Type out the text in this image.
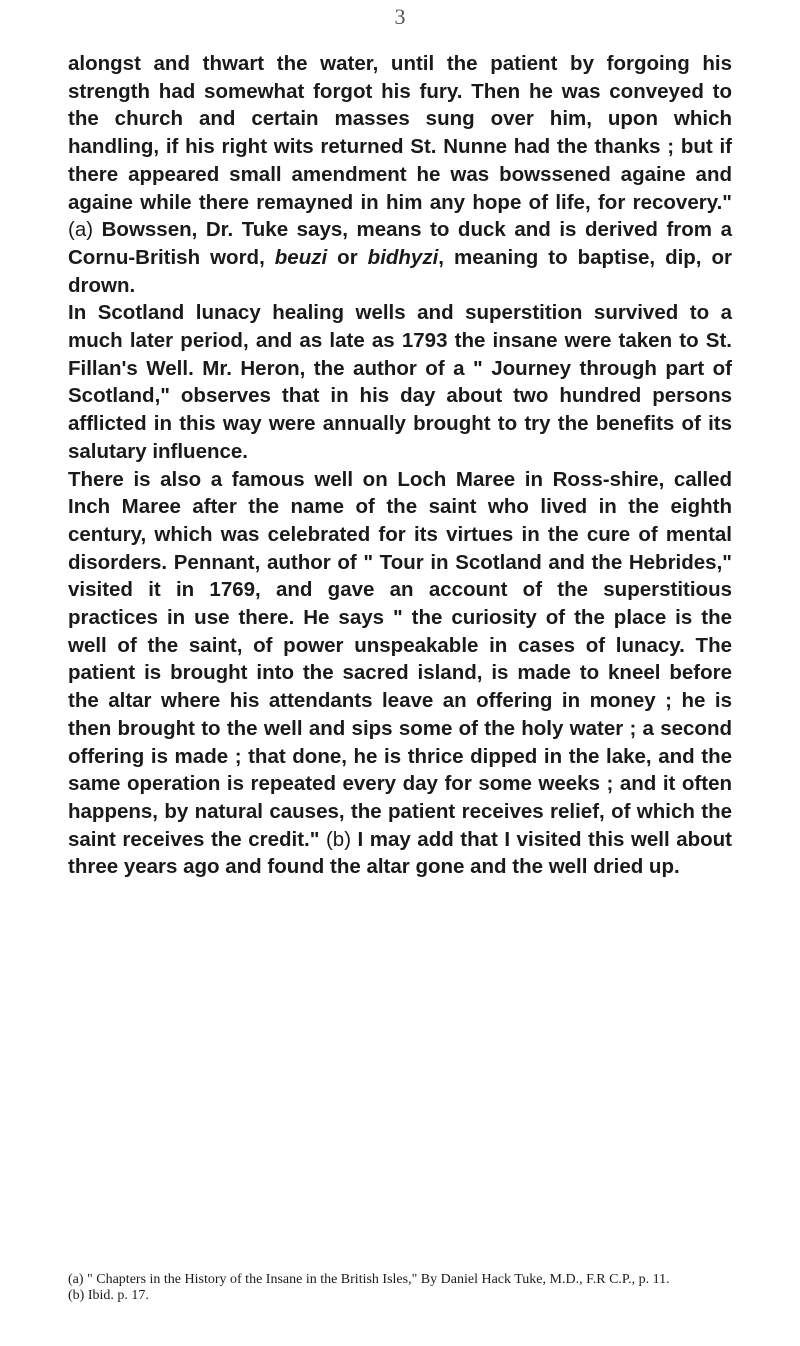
3

alongst and thwart the water, until the patient by forgoing his strength had somewhat forgot his fury. Then he was conveyed to the church and certain masses sung over him, upon which handling, if his right wits returned St. Nunne had the thanks ; but if there appeared small amendment he was bowssened againe and againe while there remayned in him any hope of life, for recovery." (a) Bowssen, Dr. Tuke says, means to duck and is derived from a Cornu-British word, beuzi or bidhyzi, meaning to baptise, dip, or drown.

In Scotland lunacy healing wells and superstition survived to a much later period, and as late as 1793 the insane were taken to St. Fillan's Well. Mr. Heron, the author of a " Journey through part of Scotland," observes that in his day about two hundred persons afflicted in this way were annually brought to try the benefits of its salutary influence.

There is also a famous well on Loch Maree in Ross-shire, called Inch Maree after the name of the saint who lived in the eighth century, which was celebrated for its virtues in the cure of mental disorders. Pennant, author of " Tour in Scotland and the Hebrides," visited it in 1769, and gave an account of the superstitious practices in use there. He says " the curiosity of the place is the well of the saint, of power unspeakable in cases of lunacy. The patient is brought into the sacred island, is made to kneel before the altar where his attendants leave an offering in money ; he is then brought to the well and sips some of the holy water ; a second offering is made ; that done, he is thrice dipped in the lake, and the same operation is repeated every day for some weeks ; and it often happens, by natural causes, the patient receives relief, of which the saint receives the credit." (b) I may add that I visited this well about three years ago and found the altar gone and the well dried up.

(a) " Chapters in the History of the Insane in the British Isles," By Daniel Hack Tuke, M.D., F.R C.P., p. 11.

(b) Ibid. p. 17.
